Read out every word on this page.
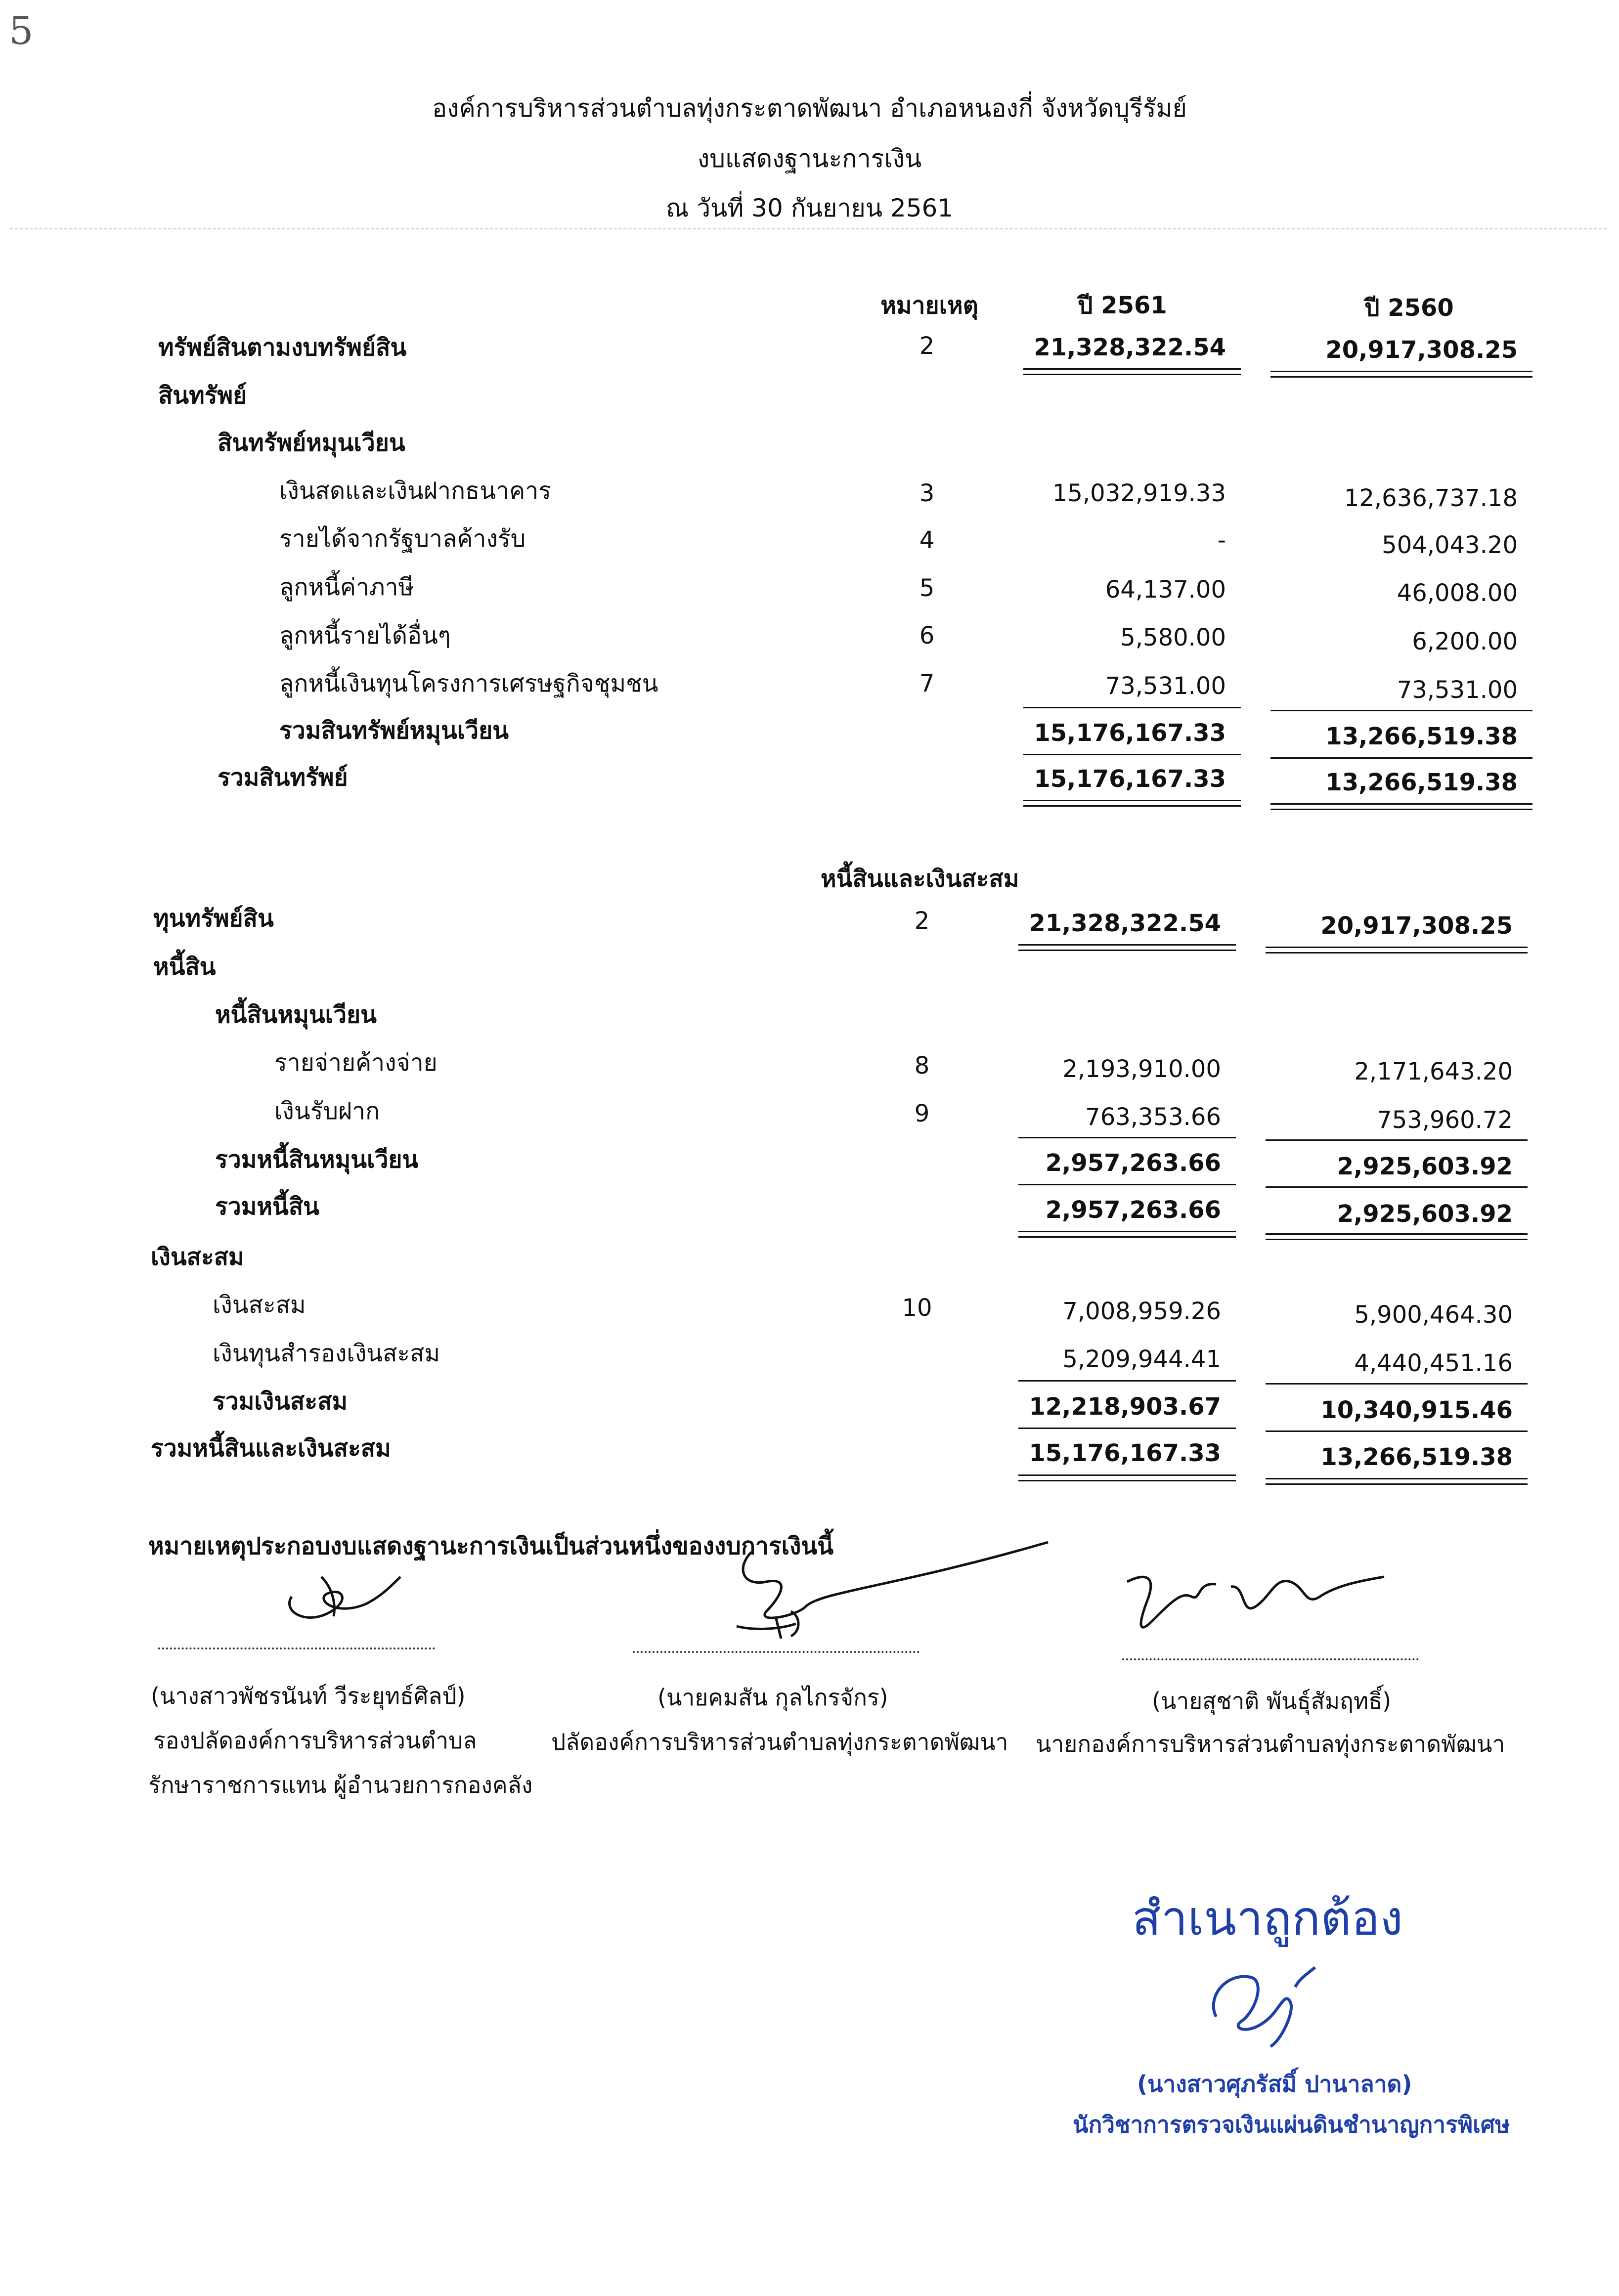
5
องค์การบริหารส่วนตำบลทุ่งกระตาดพัฒนา อำเภอหนองกี่ จังหวัดบุรีรัมย์
งบแสดงฐานะการเงิน
ณ วันที่ 30 กันยายน 2561
หมายเหตุ	ปี 2561	ปี 2560
ทรัพย์สินตามงบทรัพย์สิน	2	21,328,322.54	20,917,308.25
สินทรัพย์
สินทรัพย์หมุนเวียน
เงินสดและเงินฝากธนาคาร	3	15,032,919.33	12,636,737.18
รายได้จากรัฐบาลค้างรับ	4	-	504,043.20
ลูกหนี้ค่าภาษี	5	64,137.00	46,008.00
ลูกหนี้รายได้อื่นๆ	6	5,580.00	6,200.00
ลูกหนี้เงินทุนโครงการเศรษฐกิจชุมชน	7	73,531.00	73,531.00
รวมสินทรัพย์หมุนเวียน	15,176,167.33	13,266,519.38
รวมสินทรัพย์	15,176,167.33	13,266,519.38
หนี้สินและเงินสะสม
ทุนทรัพย์สิน	2	21,328,322.54	20,917,308.25
หนี้สิน
หนี้สินหมุนเวียน
รายจ่ายค้างจ่าย	8	2,193,910.00	2,171,643.20
เงินรับฝาก	9	763,353.66	753,960.72
รวมหนี้สินหมุนเวียน	2,957,263.66	2,925,603.92
รวมหนี้สิน	2,957,263.66	2,925,603.92
เงินสะสม
เงินสะสม	10	7,008,959.26	5,900,464.30
เงินทุนสำรองเงินสะสม	5,209,944.41	4,440,451.16
รวมเงินสะสม	12,218,903.67	10,340,915.46
รวมหนี้สินและเงินสะสม	15,176,167.33	13,266,519.38
หมายเหตุประกอบงบแสดงฐานะการเงินเป็นส่วนหนึ่งของงบการเงินนี้
(นางสาวพัชรนันท์ วีระยุทธ์ศิลป์)
รองปลัดองค์การบริหารส่วนตำบล
รักษาราชการแทน ผู้อำนวยการกองคลัง
(นายคมสัน กุลไกรจักร)
ปลัดองค์การบริหารส่วนตำบลทุ่งกระตาดพัฒนา
(นายสุชาติ พันธุ์สัมฤทธิ์)
นายกองค์การบริหารส่วนตำบลทุ่งกระตาดพัฒนา
สำเนาถูกต้อง
(นางสาวศุภรัสมิ์ ปานาลาด)
นักวิชาการตรวจเงินแผ่นดินชำนาญการพิเศษ
